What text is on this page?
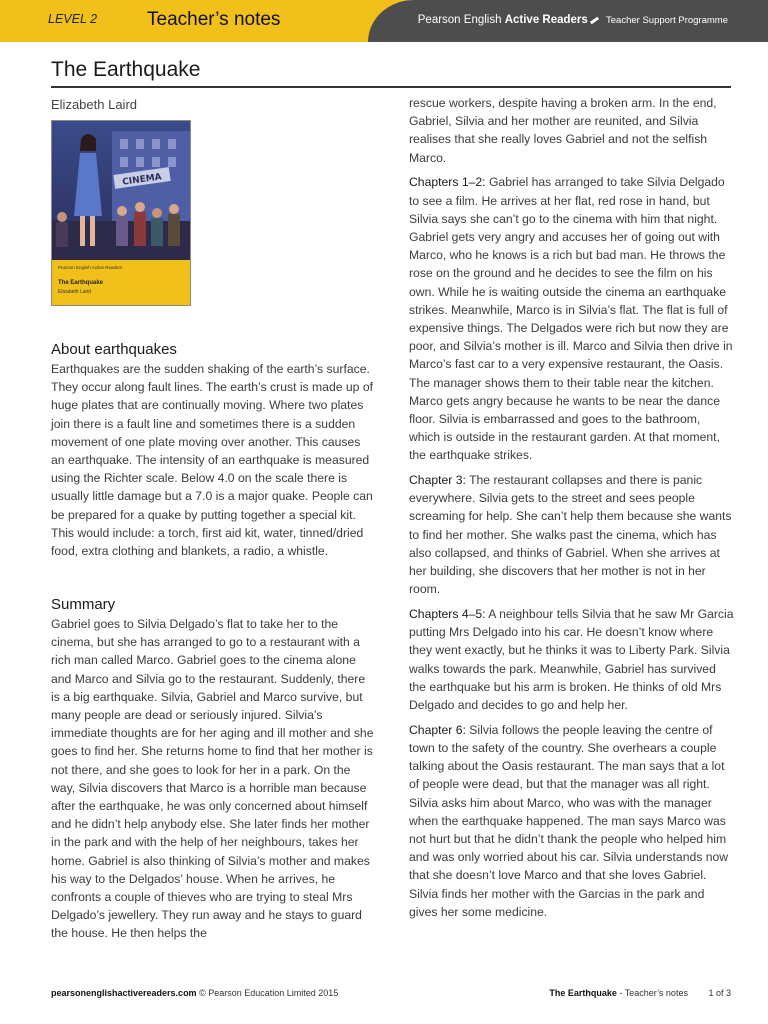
LEVEL 2	Teacher’s notes	Pearson English Active Readers Teacher Support Programme
The Earthquake
Elizabeth Laird
CINEMA
Pearson English Active Readers
The Earthquake
Elizabeth Laird
About earthquakes

Earthquakes are the sudden shaking of the earth’s surface. They occur along fault lines. The earth’s crust is made up of huge plates that are continually moving. Where two plates join there is a fault line and sometimes there is a sudden movement of one plate moving over another. This causes an earthquake. The intensity of an earthquake is measured using the Richter scale. Below 4.0 on the scale there is usually little damage but a 7.0 is a major quake. People can be prepared for a quake by putting together a special kit. This would include: a torch, first aid kit, water, tinned/dried food, extra clothing and blankets, a radio, a whistle.

Summary

Gabriel goes to Silvia Delgado’s flat to take her to the cinema, but she has arranged to go to a restaurant with a rich man called Marco. Gabriel goes to the cinema alone and Marco and Silvia go to the restaurant. Suddenly, there is a big earthquake. Silvia, Gabriel and Marco survive, but many people are dead or seriously injured. Silvia’s immediate thoughts are for her aging and ill mother and she goes to find her. She returns home to find that her mother is not there, and she goes to look for her in a park. On the way, Silvia discovers that Marco is a horrible man because after the earthquake, he was only concerned about himself and he didn’t help anybody else. She later finds her mother in the park and with the help of her neighbours, takes her home. Gabriel is also thinking of Silvia’s mother and makes his way to the Delgados’ house. When he arrives, he confronts a couple of thieves who are trying to steal Mrs Delgado’s jewellery. They run away and he stays to guard the house. He then helps the

rescue workers, despite having a broken arm. In the end, Gabriel, Silvia and her mother are reunited, and Silvia realises that she really loves Gabriel and not the selfish Marco.

Chapters 1–2: Gabriel has arranged to take Silvia Delgado to see a film. He arrives at her flat, red rose in hand, but Silvia says she can’t go to the cinema with him that night. Gabriel gets very angry and accuses her of going out with Marco, who he knows is a rich but bad man. He throws the rose on the ground and he decides to see the film on his own. While he is waiting outside the cinema an earthquake strikes. Meanwhile, Marco is in Silvia’s flat. The flat is full of expensive things. The Delgados were rich but now they are poor, and Silvia’s mother is ill. Marco and Silvia then drive in Marco’s fast car to a very expensive restaurant, the Oasis. The manager shows them to their table near the kitchen. Marco gets angry because he wants to be near the dance floor. Silvia is embarrassed and goes to the bathroom, which is outside in the restaurant garden. At that moment, the earthquake strikes.

Chapter 3: The restaurant collapses and there is panic everywhere. Silvia gets to the street and sees people screaming for help. She can’t help them because she wants to find her mother. She walks past the cinema, which has also collapsed, and thinks of Gabriel. When she arrives at her building, she discovers that her mother is not in her room.

Chapters 4–5: A neighbour tells Silvia that he saw Mr Garcia putting Mrs Delgado into his car. He doesn’t know where they went exactly, but he thinks it was to Liberty Park. Silvia walks towards the park. Meanwhile, Gabriel has survived the earthquake but his arm is broken. He thinks of old Mrs Delgado and decides to go and help her.

Chapter 6: Silvia follows the people leaving the centre of town to the safety of the country. She overhears a couple talking about the Oasis restaurant. The man says that a lot of people were dead, but that the manager was all right. Silvia asks him about Marco, who was with the manager when the earthquake happened. The man says Marco was not hurt but that he didn’t thank the people who helped him and was only worried about his car. Silvia understands now that she doesn’t love Marco and that she loves Gabriel. Silvia finds her mother with the Garcias in the park and gives her some medicine.

pearsonenglishactivereaders.com © Pearson Education Limited 2015	The Earthquake - Teacher’s notes 1 of 3
